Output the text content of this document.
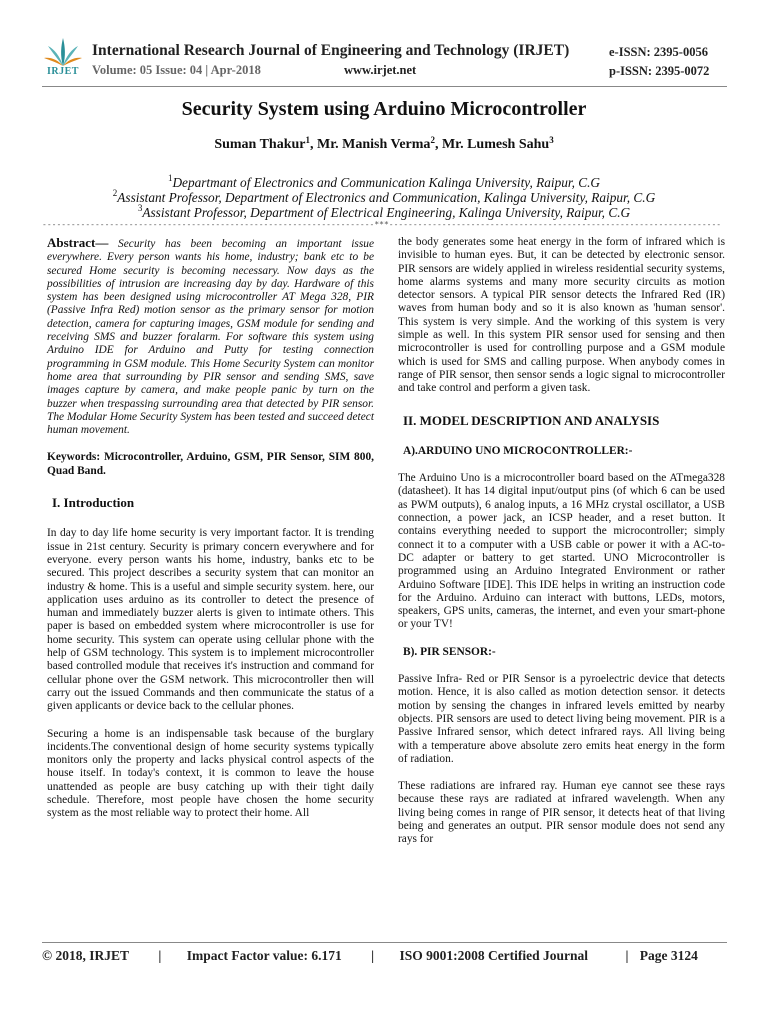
IRJET
International Research Journal of Engineering and Technology (IRJET)
Volume: 05 Issue: 04 | Apr-2018	www.irjet.net
e-ISSN: 2395-0056
p-ISSN: 2395-0072
Security System using Arduino Microcontroller
Suman Thakur$^1$, Mr. Manish Verma$^2$, Mr. Lumesh Sahu$^3$
$^1$Departmant of Electronics and Communication Kalinga University, Raipur, C.G
$^2$Assistant Professor, Department of Electronics and Communication, Kalinga University, Raipur, C.G
$^3$Assistant Professor, Department of Electrical Engineering, Kalinga University, Raipur, C.G
---------------------------------------------------------------------***---------------------------------------------------------------------

Abstract— Security has been becoming an important issue everywhere. Every person wants his home, industry; bank etc to be secured Home security is becoming necessary. Now days as the possibilities of intrusion are increasing day by day. Hardware of this system has been designed using microcontroller AT Mega 328, PIR (Passive Infra Red) motion sensor as the primary sensor for motion detection, camera for capturing images, GSM module for sending and receiving SMS and buzzer foralarm. For software this system using Arduino IDE for Arduino and Putty for testing connection programming in GSM module. This Home Security System can monitor home area that surrounding by PIR sensor and sending SMS, save images capture by camera, and make people panic by turn on the buzzer when trespassing surrounding area that detected by PIR sensor. The Modular Home Security System has been tested and succeed detect human movement.

Keywords: Microcontroller, Arduino, GSM, PIR Sensor, SIM 800, Quad Band.

I. Introduction

In day to day life home security is very important factor. It is trending issue in 21st century. Security is primary concern everywhere and for everyone. every person wants his home, industry, banks etc to be secured. This project describes a security system that can monitor an industry & home. This is a useful and simple security system. here, our application uses arduino as its controller to detect the presence of human and immediately buzzer alerts is given to intimate others. This paper is based on embedded system where microcontroller is use for home security. This system can operate using cellular phone with the help of GSM technology. This system is to implement microcontroller based controlled module that receives it's instruction and command for cellular phone over the GSM network. This microcontroller then will carry out the issued Commands and then communicate the status of a given applicants or device back to the cellular phones.

Securing a home is an indispensable task because of the burglary incidents.The conventional design of home security systems typically monitors only the property and lacks physical control aspects of the house itself. In today's context, it is common to leave the house unattended as people are busy catching up with their tight daily schedule. Therefore, most people have chosen the home security system as the most reliable way to protect their home. All

the body generates some heat energy in the form of infrared which is invisible to human eyes. But, it can be detected by electronic sensor. PIR sensors are widely applied in wireless residential security systems, home alarms systems and many more security circuits as motion detector sensors. A typical PIR sensor detects the Infrared Red (IR) waves from human body and so it is also known as 'human sensor'. This system is very simple. And the working of this system is very simple as well. In this system PIR sensor used for sensing and then microcontroller is used for controlling purpose and a GSM module which is used for SMS and calling purpose. When anybody comes in range of PIR sensor, then sensor sends a logic signal to microcontroller and take control and perform a given task.

II. MODEL DESCRIPTION AND ANALYSIS

A).ARDUINO UNO MICROCONTROLLER:-

The Arduino Uno is a microcontroller board based on the ATmega328 (datasheet). It has 14 digital input/output pins (of which 6 can be used as PWM outputs), 6 analog inputs, a 16 MHz crystal oscillator, a USB connection, a power jack, an ICSP header, and a reset button. It contains everything needed to support the microcontroller; simply connect it to a computer with a USB cable or power it with a AC-to- DC adapter or battery to get started. UNO Microcontroller is programmed using an Arduino Integrated Environment or rather Arduino Software [IDE]. This IDE helps in writing an instruction code for the Arduino. Arduino can interact with buttons, LEDs, motors, speakers, GPS units, cameras, the internet, and even your smart-phone or your TV!

B). PIR SENSOR:-

Passive Infra- Red or PIR Sensor is a pyroelectric device that detects motion. Hence, it is also called as motion detection sensor. it detects motion by sensing the changes in infrared levels emitted by nearby objects. PIR sensors are used to detect living being movement. PIR is a Passive Infrared sensor, which detect infrared rays. All living being with a temperature above absolute zero emits heat energy in the form of radiation.

These radiations are infrared ray. Human eye cannot see these rays because these rays are radiated at infrared wavelength. When any living being comes in range of PIR sensor, it detects heat of that living being and generates an output. PIR sensor module does not send any rays for

© 2018, IRJET | Impact Factor value: 6.171 | ISO 9001:2008 Certified Journal	| Page 3124
